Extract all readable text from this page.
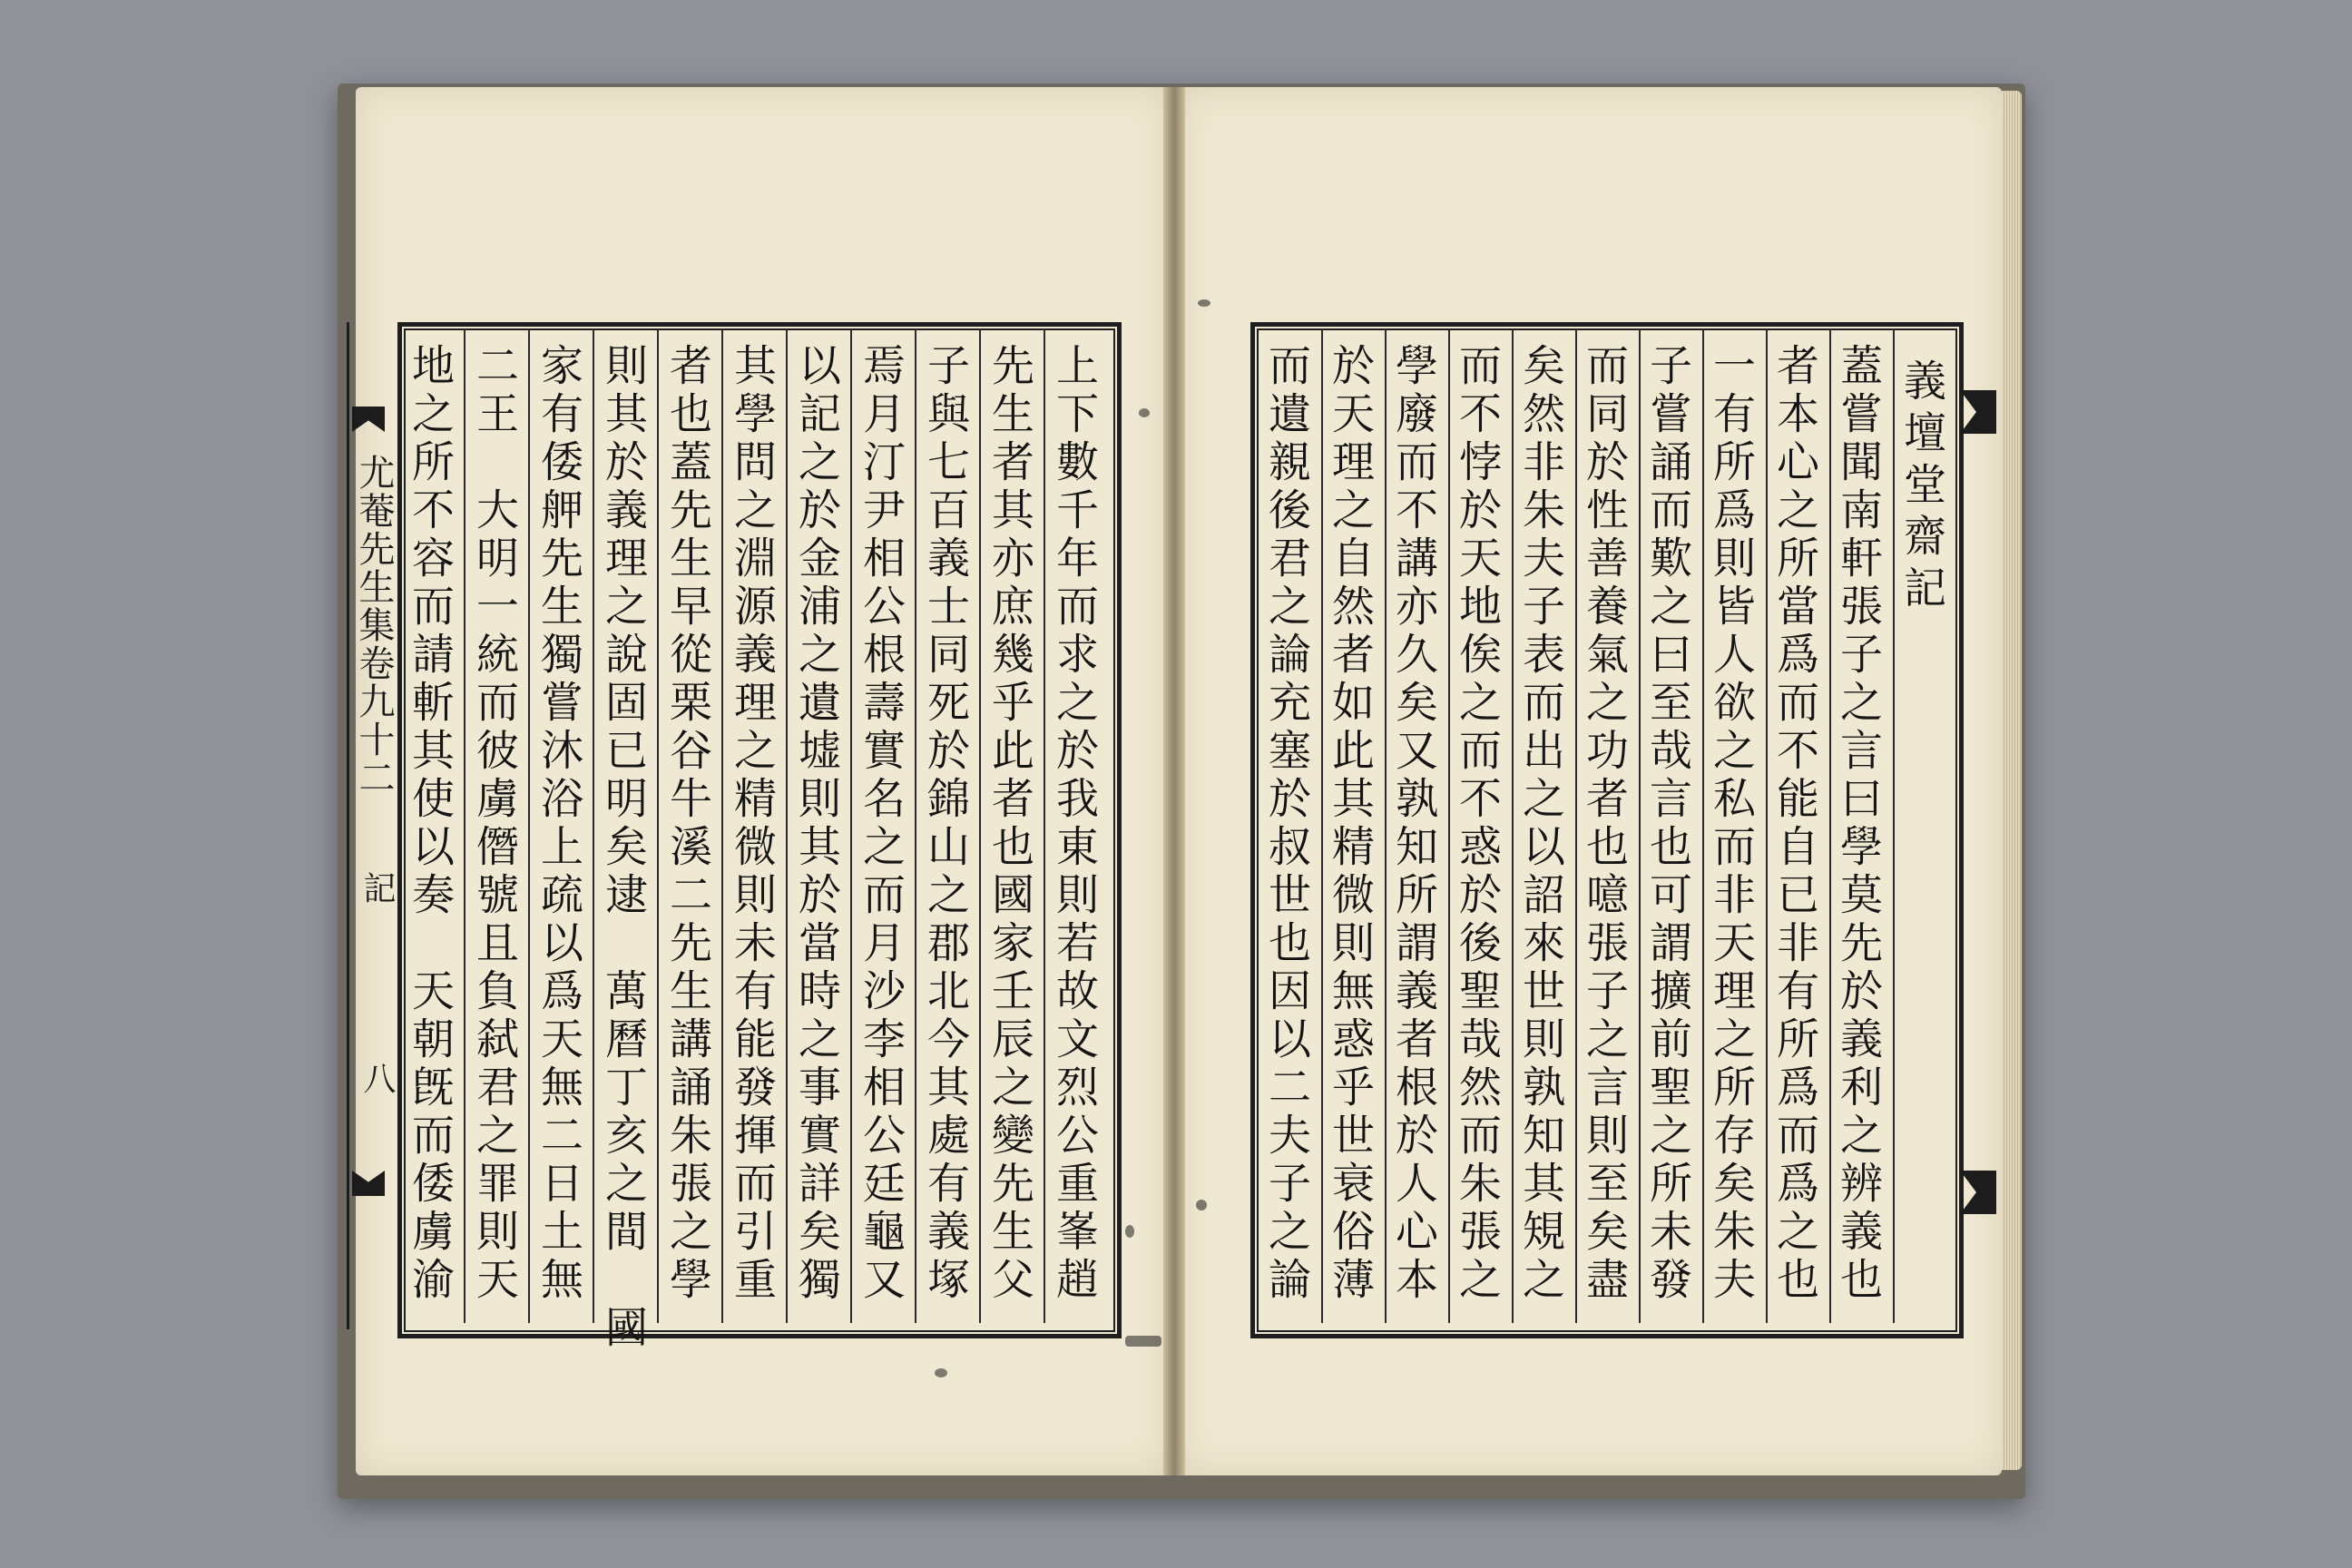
尤菴先生集卷九十二
記
八	上下數千年而求之於我東則若故文烈公重峯趙
先生者其亦庶幾乎此者也國家壬辰之變先生父
子與七百義士同死於錦山之郡北今其處有義塚
焉月汀尹相公根壽實名之而月沙李相公廷龜又
以記之於金浦之遺墟則其於當時之事實詳矣獨
其學問之淵源義理之精微則未有能發揮而引重
者也蓋先生早從栗谷牛溪二先生講誦朱張之學
則其於義理之說固已明矣逮　萬曆丁亥之間　國
家有倭舺先生獨嘗沐浴上疏以爲天無二日土無
二王　大明一統而彼虜僭號且負弑君之罪則天
地之所不容而請斬其使以奏　天朝旣而倭虜渝	義壇堂齋記
蓋嘗聞南軒張子之言曰學莫先於義利之辨義也
者本心之所當爲而不能自已非有所爲而爲之也
一有所爲則皆人欲之私而非天理之所存矣朱夫
子嘗誦而歎之曰至哉言也可謂擴前聖之所未發
而同於性善養氣之功者也噫張子之言則至矣盡
矣然非朱夫子表而出之以詔來世則孰知其䂓之
而不悖於天地俟之而不惑於後聖哉然而朱張之
學廢而不講亦久矣又孰知所謂義者根於人心本
於天理之自然者如此其精微則無惑乎世衰俗薄
而遺親後君之論充塞於叔世也因以二夫子之論
